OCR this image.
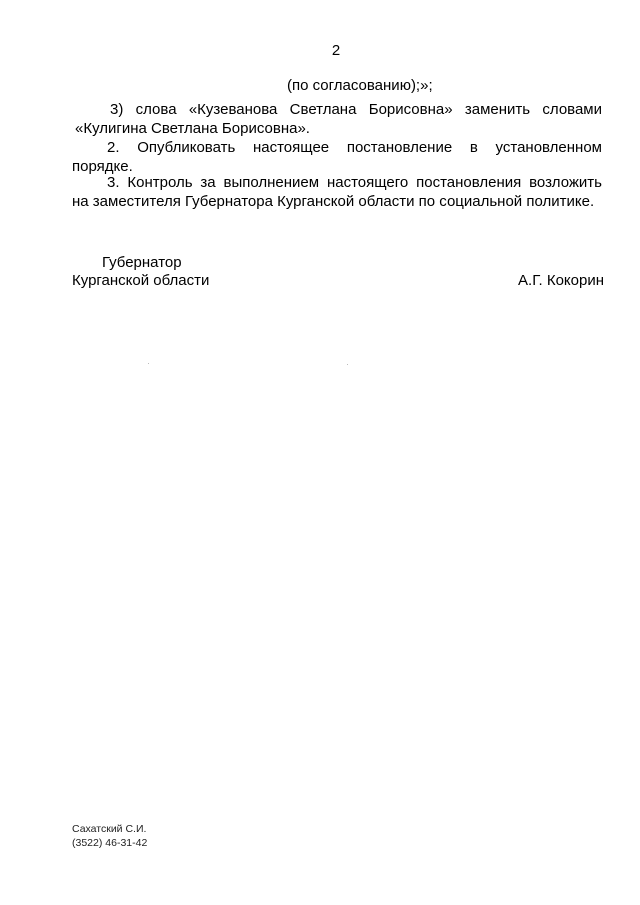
2
(по согласованию);»;
3) слова «Кузеванова Светлана Борисовна» заменить словами
«Кулигина Светлана Борисовна».
2. Опубликовать настоящее постановление в установленном
порядке.
3. Контроль за выполнением настоящего постановления возложить
на заместителя Губернатора Курганской области по социальной политике.
Губернатор
Курганской области	А.Г. Кокорин
Сахатский С.И.
(3522) 46-31-42
